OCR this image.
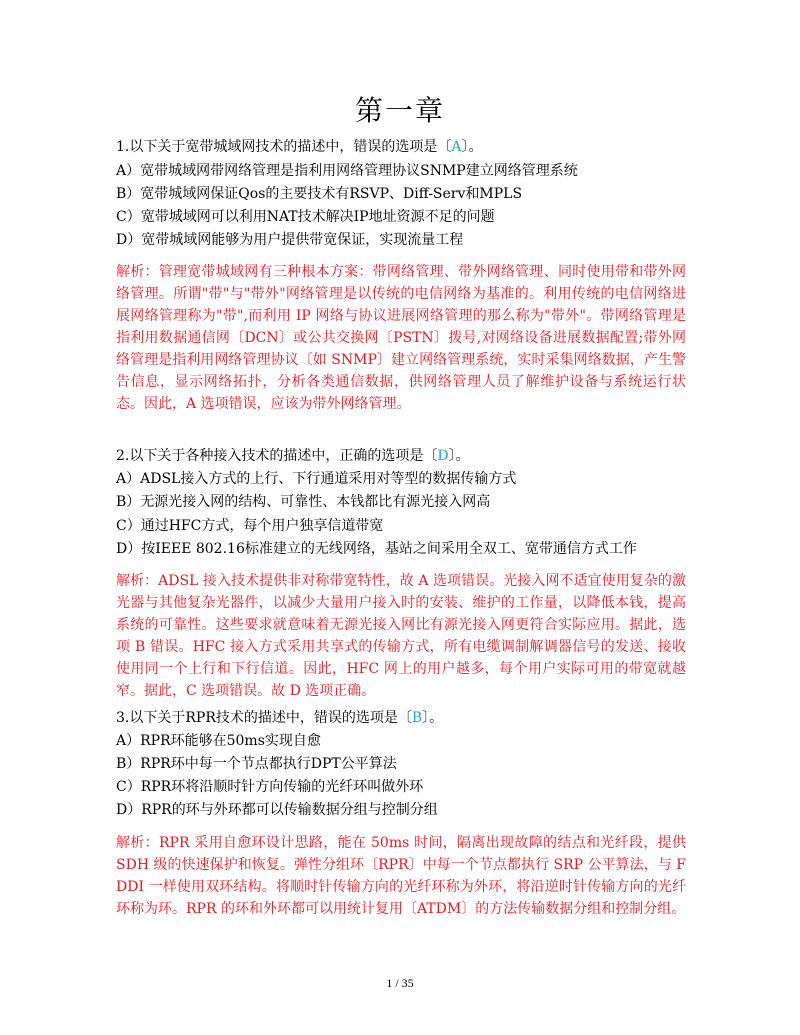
第一章
1.以下关于宽带城域网技术的描述中，错误的选项是〔A〕。
A）宽带城域网带网络管理是指利用网络管理协议SNMP建立网络管理系统
B）宽带城域网保证Qos的主要技术有RSVP、Diff-Serv和MPLS
C）宽带城域网可以利用NAT技术解决IP地址资源不足的问题
D）宽带城域网能够为用户提供带宽保证，实现流量工程
解析：管理宽带城域网有三种根本方案：带网络管理、带外网络管理、同时使用带和带外网络管理。所谓"带"与"带外"网络管理是以传统的电信网络为基准的。利用传统的电信网络进展网络管理称为"带",而利用 IP 网络与协议进展网络管理的那么称为"带外"。带网络管理是指利用数据通信网〔DCN〕或公共交换网〔PSTN〕拨号,对网络设备进展数据配置;带外网络管理是指利用网络管理协议〔如 SNMP〕建立网络管理系统，实时采集网络数据，产生警告信息，显示网络拓扑，分析各类通信数据，供网络管理人员了解维护设备与系统运行状态。因此，A 选项错误，应该为带外网络管理。
2.以下关于各种接入技术的描述中，正确的选项是〔D〕。
A）ADSL接入方式的上行、下行通道采用对等型的数据传输方式
B）无源光接入网的结构、可靠性、本钱都比有源光接入网高
C）通过HFC方式，每个用户独享信道带宽
D）按IEEE 802.16标准建立的无线网络，基站之间采用全双工、宽带通信方式工作
解析：ADSL 接入技术提供非对称带宽特性，故 A 选项错误。光接入网不适宜使用复杂的激光器与其他复杂光器件，以减少大量用户接入时的安装、维护的工作量，以降低本钱，提高系统的可靠性。这些要求就意味着无源光接入网比有源光接入网更符合实际应用。据此，选项 B 错误。HFC 接入方式采用共享式的传输方式，所有电缆调制解调器信号的发送、接收使用同一个上行和下行信道。因此，HFC 网上的用户越多，每个用户实际可用的带宽就越窄。据此，C 选项错误。故 D 选项正确。
3.以下关于RPR技术的描述中，错误的选项是〔B〕。
A）RPR环能够在50ms实现自愈
B）RPR环中每一个节点都执行DPT公平算法
C）RPR环将沿顺时针方向传输的光纤环叫做外环
D）RPR的环与外环都可以传输数据分组与控制分组
解析：RPR 采用自愈环设计思路，能在 50ms 时间，隔离出现故障的结点和光纤段，提供 SDH 级的快速保护和恢复。弹性分组环〔RPR〕中每一个节点都执行 SRP 公平算法，与 FDDI 一样使用双环结构。将顺时针传输方向的光纤环称为外环，将沿逆时针传输方向的光纤环称为环。RPR 的环和外环都可以用统计复用〔ATDM〕的方法传输数据分组和控制分组。
1 / 35
